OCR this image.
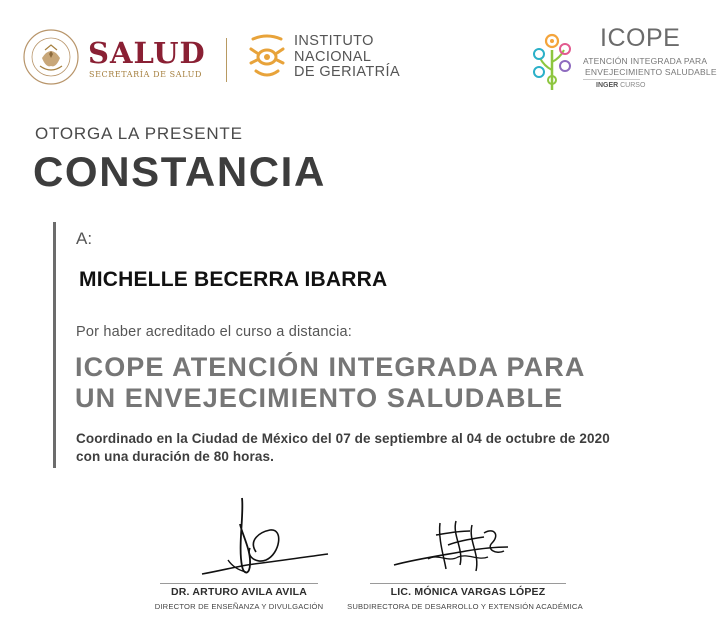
SALUD
SECRETARÍA DE SALUD
INSTITUTO
NACIONAL
DE GERIATRÍA
ICOPE
ATENCIÓN INTEGRADA PARA
ENVEJECIMIENTO SALUDABLE
INGER CURSO
OTORGA LA PRESENTE
CONSTANCIA
A:
MICHELLE BECERRA IBARRA
Por haber acreditado el curso a distancia:
ICOPE ATENCIÓN INTEGRADA PARA
UN ENVEJECIMIENTO SALUDABLE
Coordinado en la Ciudad de México del 07 de septiembre al 04 de octubre de 2020
con una duración de 80 horas.
DR. ARTURO AVILA AVILA
DIRECTOR DE ENSEÑANZA Y DIVULGACIÓN
LIC. MÓNICA VARGAS LÓPEZ
SUBDIRECTORA DE DESARROLLO Y EXTENSIÓN ACADÉMICA
